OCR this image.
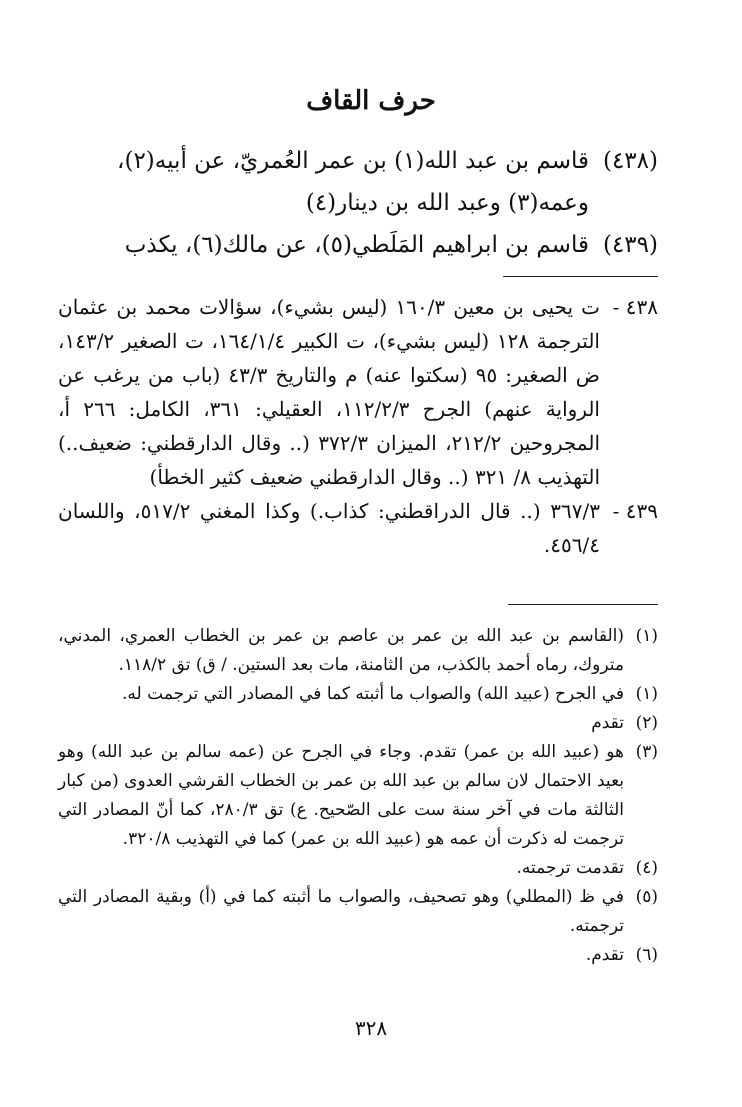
حرف القاف
(٤٣٨)
قاسم بن عبد الله(١) بن عمر العُمريّ، عن أبيه(٢)، وعمه(٣) وعبد الله بن دينار(٤)
(٤٣٩)
قاسم بن ابراهيم المَلَطي(٥)، عن مالك(٦)، يكذب
٤٣٨ -
ت يحيى بن معين ١٦٠/٣ (ليس بشيء)، سؤالات محمد بن عثمان الترجمة ١٢٨ (ليس بشيء)، ت الكبير ١٦٤/١/٤، ت الصغير ١٤٣/٢، ض الصغير: ٩٥ (سكتوا عنه) م والتاريخ ٤٣/٣ (باب من يرغب عن الرواية عنهم) الجرح ١١٢/٢/٣، العقيلي: ٣٦١، الكامل: ٢٦٦ أ، المجروحين ٢١٢/٢، الميزان ٣٧٢/٣ (.. وقال الدارقطني: ضعيف..) التهذيب ٨/ ٣٢١ (.. وقال الدارقطني ضعيف كثير الخطأ)
٤٣٩ -
٣٦٧/٣ (.. قال الدراقطني: كذاب.) وكذا المغني ٥١٧/٢، واللسان ٤٥٦/٤.
(١)
(القاسم بن عبد الله بن عمر بن عاصم بن عمر بن الخطاب العمري، المدني، متروك، رماه أحمد بالكذب، من الثامنة، مات بعد الستين. / ق) تق ١١٨/٢.
(١)
في الجرح (عبيد الله) والصواب ما أثبته كما في المصادر التي ترجمت له.
(٢)
تقدم
(٣)
هو (عبيد الله بن عمر) تقدم. وجاء في الجرح عن (عمه سالم بن عبد الله) وهو بعيد الاحتمال لان سالم بن عبد الله بن عمر بن الخطاب القرشي العدوى (من كبار الثالثة مات في آخر سنة ست على الصّحيح. ع) تق ٢٨٠/٣، كما أنّ المصادر التي ترجمت له ذكرت أن عمه هو (عبيد الله بن عمر) كما في التهذيب ٣٢٠/٨.
(٤)
تقدمت ترجمته.
(٥)
في ظ (المطلي) وهو تصحيف، والصواب ما أثبته كما في (أ) وبقية المصادر التي ترجمته.
(٦)
تقدم.
٣٢٨
